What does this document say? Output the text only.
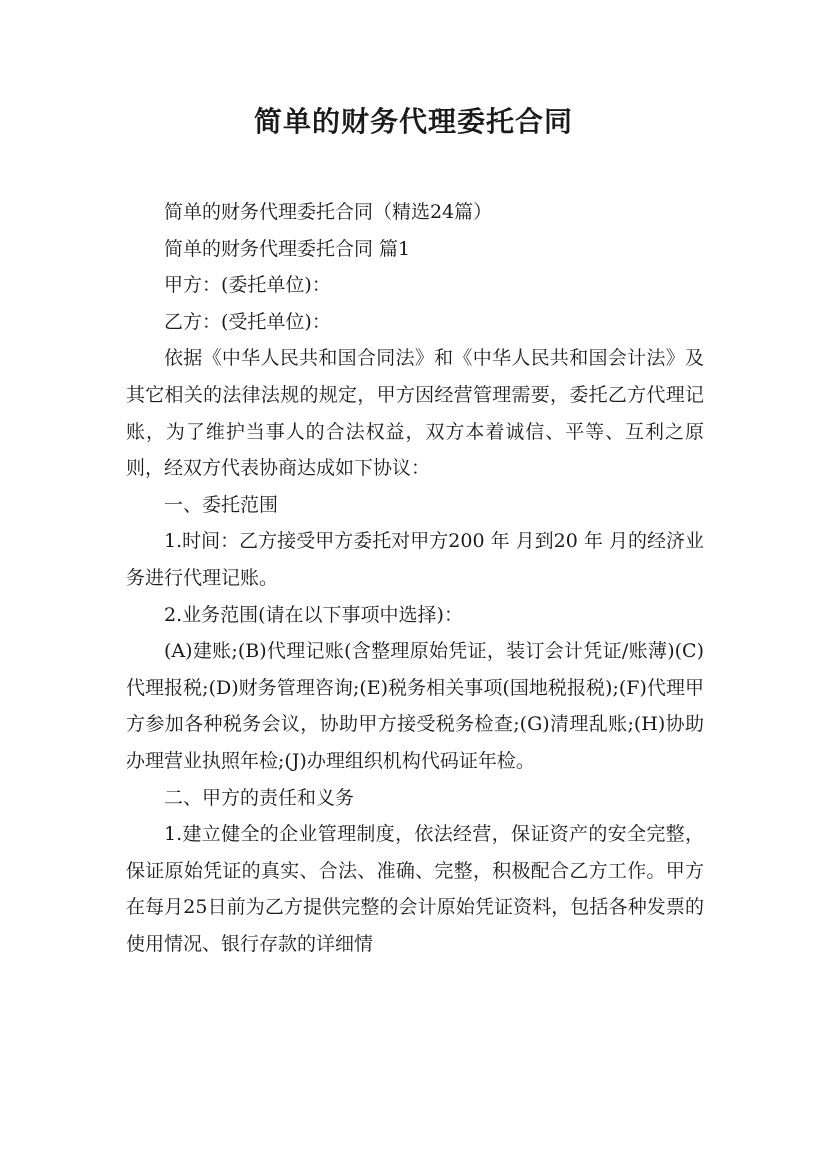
简单的财务代理委托合同

简单的财务代理委托合同（精选24篇）

简单的财务代理委托合同 篇1

甲方：(委托单位)：

乙方：(受托单位)：

依据《中华人民共和国合同法》和《中华人民共和国会计法》及其它相关的法律法规的规定，甲方因经营管理需要，委托乙方代理记账，为了维护当事人的合法权益，双方本着诚信、平等、互利之原则，经双方代表协商达成如下协议：

一、委托范围

1.时间：乙方接受甲方委托对甲方200 年 月到20 年 月的经济业务进行代理记账。

2.业务范围(请在以下事项中选择)：

(A)建账;(B)代理记账(含整理原始凭证，装订会计凭证/账薄)(C)代理报税;(D)财务管理咨询;(E)税务相关事项(国地税报税);(F)代理甲方参加各种税务会议，协助甲方接受税务检查;(G)清理乱账;(H)协助办理营业执照年检;(J)办理组织机构代码证年检。

二、甲方的责任和义务

1.建立健全的企业管理制度，依法经营，保证资产的安全完整，保证原始凭证的真实、合法、准确、完整，积极配合乙方工作。甲方在每月25日前为乙方提供完整的会计原始凭证资料，包括各种发票的使用情况、银行存款的详细情
